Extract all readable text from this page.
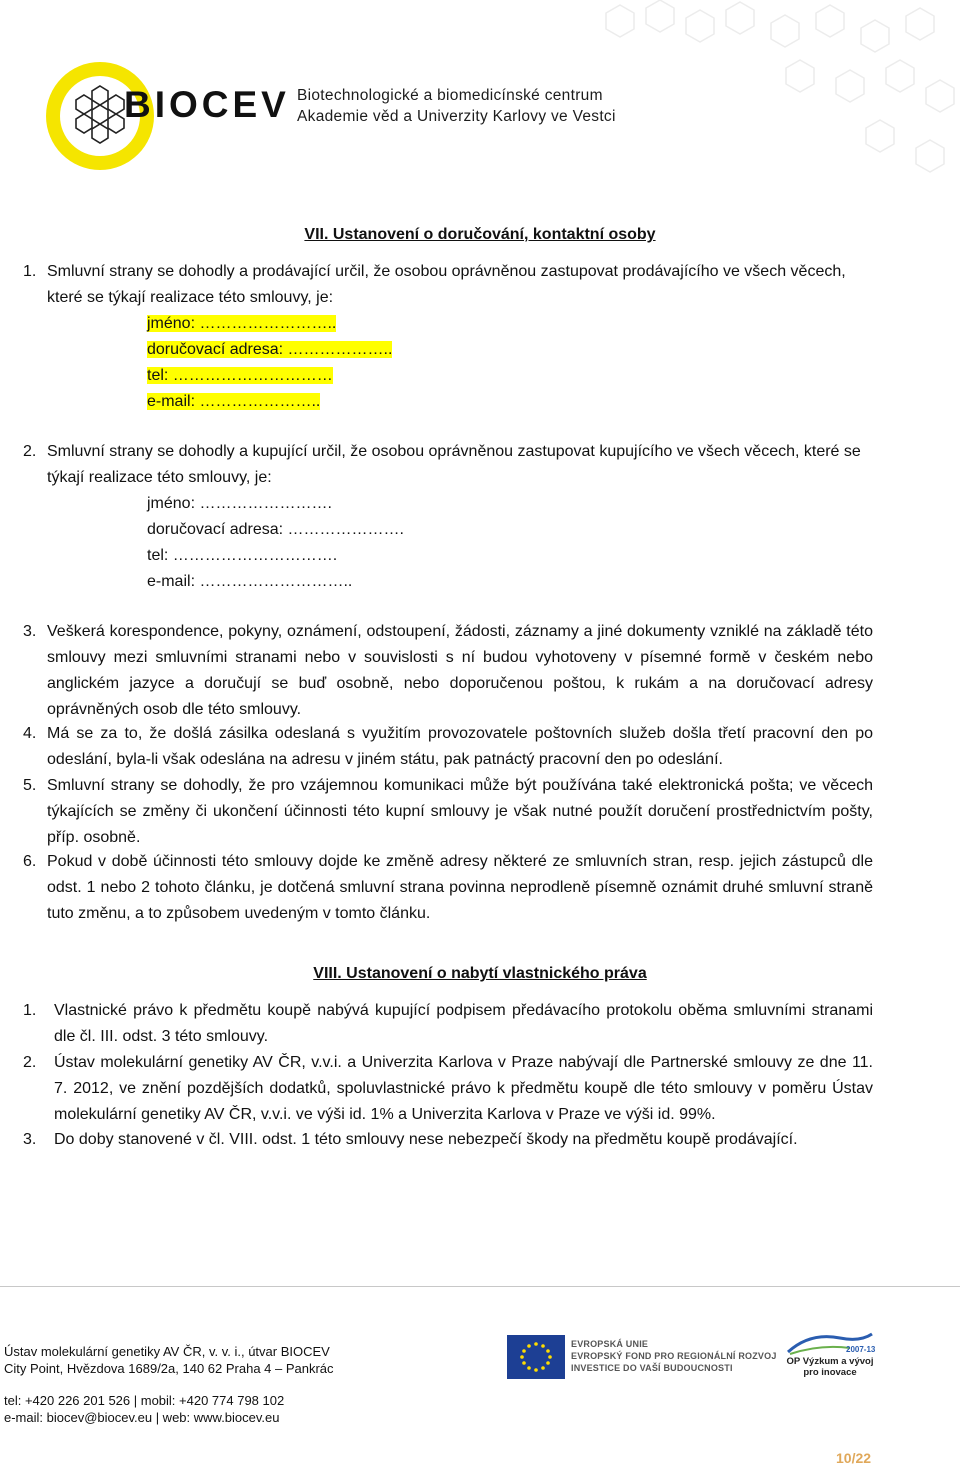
BIOCEV Biotechnologické a biomedicínské centrum
Akademie věd a Univerzity Karlovy ve Vestci
VII. Ustanovení o doručování, kontaktní osoby
1. Smluvní strany se dohodly a prodávající určil, že osobou oprávněnou zastupovat prodávajícího ve všech věcech,
které se týkají realizace této smlouvy, je:
jméno: ……………………..
doručovací adresa: ………………..
tel: …………………………
e-mail: …………………..
2. Smluvní strany se dohodly a kupující určil, že osobou oprávněnou zastupovat kupujícího ve všech věcech, které se
týkají realizace této smlouvy, je:
jméno: …………………….
doručovací adresa: ………………….
tel: ………………………….
e-mail: ………………………..
3. Veškerá korespondence, pokyny, oznámení, odstoupení, žádosti, záznamy a jiné dokumenty vzniklé na základě této smlouvy mezi smluvními stranami nebo v souvislosti s ní budou vyhotoveny v písemné formě v českém nebo anglickém jazyce a doručují se buď osobně, nebo doporučenou poštou, k rukám a na doručovací adresy oprávněných osob dle této smlouvy.
4. Má se za to, že došlá zásilka odeslaná s využitím provozovatele poštovních služeb došla třetí pracovní den po odeslání, byla-li však odeslána na adresu v jiném státu, pak patnáctý pracovní den po odeslání.
5. Smluvní strany se dohodly, že pro vzájemnou komunikaci může být používána také elektronická pošta; ve věcech týkajících se změny či ukončení účinnosti této kupní smlouvy je však nutné použít doručení prostřednictvím pošty, příp. osobně.
6. Pokud v době účinnosti této smlouvy dojde ke změně adresy některé ze smluvních stran, resp. jejich zástupců dle odst. 1 nebo 2 tohoto článku, je dotčená smluvní strana povinna neprodleně písemně oznámit druhé smluvní straně tuto změnu, a to způsobem uvedeným v tomto článku.
VIII. Ustanovení o nabytí vlastnického práva
1. Vlastnické právo k předmětu koupě nabývá kupující podpisem předávacího protokolu oběma smluvními stranami dle čl. III. odst. 3 této smlouvy.
2. Ústav molekulární genetiky AV ČR, v.v.i. a Univerzita Karlova v Praze nabývají dle Partnerské smlouvy ze dne 11. 7. 2012, ve znění pozdějších dodatků, spoluvlastnické právo k předmětu koupě dle této smlouvy v poměru Ústav molekulární genetiky AV ČR, v.v.i. ve výši id. 1% a Univerzita Karlova v Praze ve výši id. 99%.
3. Do doby stanovené v čl. VIII. odst. 1 této smlouvy nese nebezpečí škody na předmětu koupě prodávající.
Ústav molekulární genetiky AV ČR, v. v. i., útvar BIOCEV
City Point, Hvězdova 1689/2a, 140 62 Praha 4 – Pankrác
tel: +420 226 201 526 | mobil: +420 774 798 102
e-mail: biocev@biocev.eu | web: www.biocev.eu
EVROPSKÁ UNIE
EVROPSKÝ FOND PRO REGIONÁLNÍ ROZVOJ
INVESTICE DO VAŠÍ BUDOUCNOSTI
2007-13
OP Výzkum a vývoj
pro inovace
10/22
